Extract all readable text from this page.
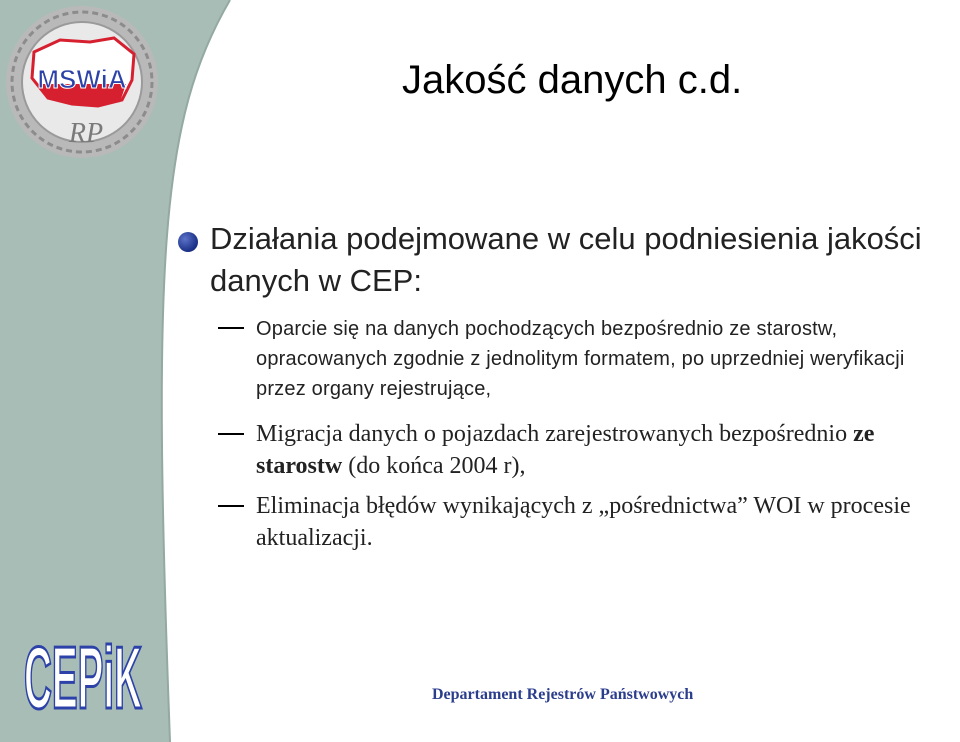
MSWiA
RP
Jakość danych c.d.
Działania podejmowane w celu podniesienia jakości danych w CEP:
Oparcie się na danych pochodzących bezpośrednio ze starostw, opracowanych zgodnie z jednolitym formatem, po uprzedniej weryfikacji przez organy rejestrujące,
Migracja danych o pojazdach zarejestrowanych bezpośrednio ze starostw (do końca 2004 r),
Eliminacja błędów wynikających z „pośrednictwa” WOI w procesie aktualizacji.
CEPiK	Departament Rejestrów Państwowych
